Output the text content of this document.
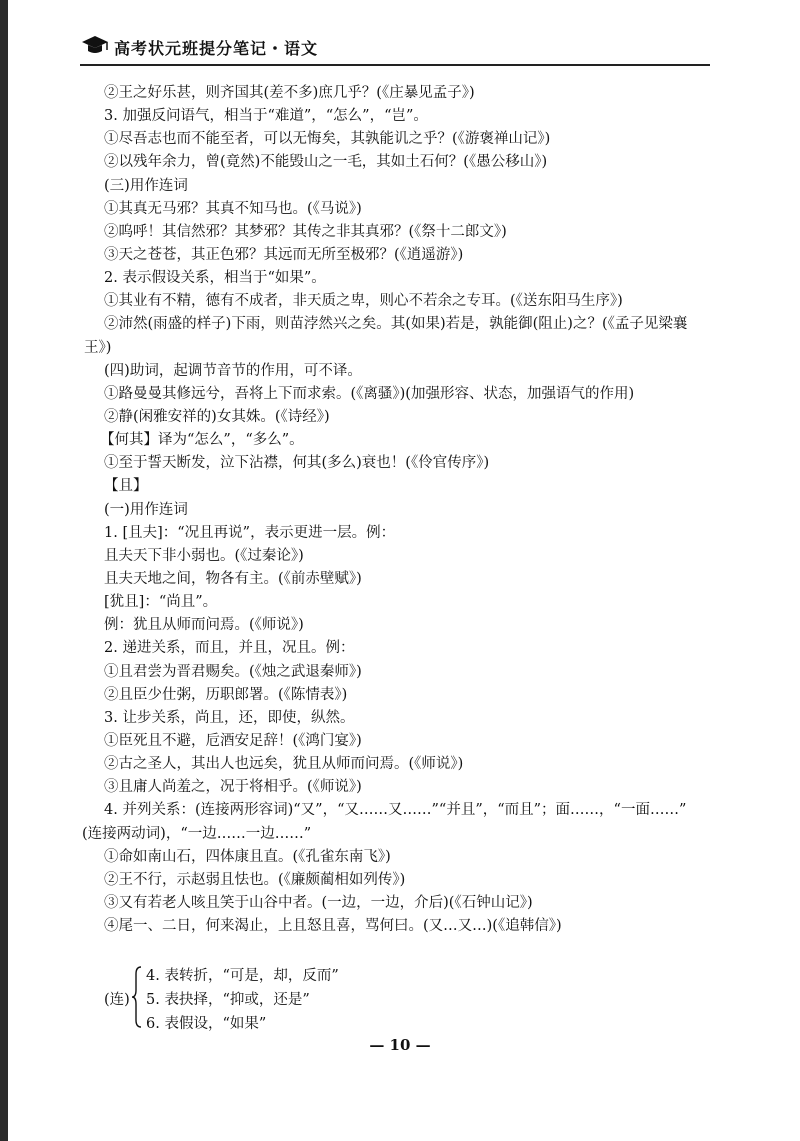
高考状元班提分笔记・语文
②王之好乐甚，则齐国其(差不多)庶几乎？(《庄暴见孟子》)
3. 加强反问语气，相当于“难道”，“怎么”，“岂”。
①尽吾志也而不能至者，可以无悔矣，其孰能讥之乎？(《游褒禅山记》)
②以残年余力，曾(竟然)不能毁山之一毛，其如土石何？(《愚公移山》)
(三)用作连词
①其真无马邪？其真不知马也。(《马说》)
②呜呼！其信然邪？其梦邪？其传之非其真邪？(《祭十二郎文》)
③天之苍苍，其正色邪？其远而无所至极邪？(《逍遥游》)
2. 表示假设关系，相当于“如果”。
①其业有不精，德有不成者，非天质之卑，则心不若余之专耳。(《送东阳马生序》)
②沛然(雨盛的样子)下雨，则苗浡然兴之矣。其(如果)若是，孰能御(阻止)之？(《孟子见梁襄
王》)
(四)助词，起调节音节的作用，可不译。
①路曼曼其修远兮，吾将上下而求索。(《离骚》)(加强形容、状态，加强语气的作用)
②静(闲雅安祥的)女其姝。(《诗经》)
【何其】译为“怎么”，“多么”。
①至于誓天断发，泣下沾襟，何其(多么)衰也！(《伶官传序》)
【且】
(一)用作连词
1. [且夫]：“况且再说”，表示更进一层。例：
且夫天下非小弱也。(《过秦论》)
且夫天地之间，物各有主。(《前赤壁赋》)
[犹且]：“尚且”。
例：犹且从师而问焉。(《师说》)
2. 递进关系，而且，并且，况且。例：
①且君尝为晋君赐矣。(《烛之武退秦师》)
②且臣少仕粥，历职郎署。(《陈情表》)
3. 让步关系，尚且，还，即使，纵然。
①臣死且不避，卮酒安足辞！(《鸿门宴》)
②古之圣人，其出人也远矣，犹且从师而问焉。(《师说》)
③且庸人尚羞之，况于将相乎。(《师说》)
4. 并列关系：(连接两形容词)“又”，“又……又……”“并且”，“而且”；面……，“一面……”
(连接两动词)，“一边……一边……”
①命如南山石，四体康且直。(《孔雀东南飞》)
②王不行，示赵弱且怯也。(《廉颇蔺相如列传》)
③又有若老人咳且笑于山谷中者。(一边，一边，介后)(《石钟山记》)
④尾一、二日，何来渴止，上且怒且喜，骂何曰。(又…又…)(《追韩信》)
(连)
4. 表转折，“可是，却，反而”
5. 表抉择，“抑或，还是”
6. 表假设，“如果”
— 10 —
